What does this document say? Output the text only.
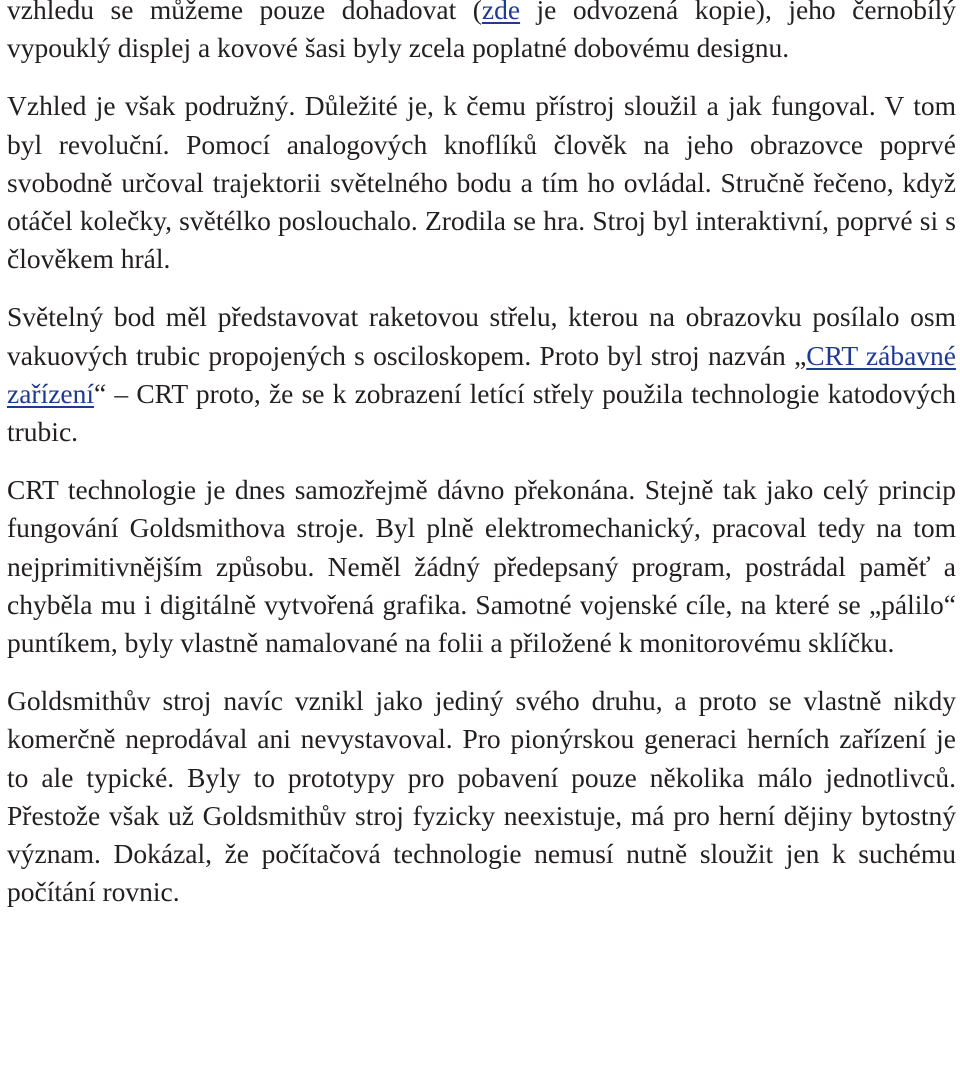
vzhledu se můžeme pouze dohadovat (zde je odvozená kopie), jeho černobílý vypouklý displej a kovové šasi byly zcela poplatné dobovému designu.

Vzhled je však podružný. Důležité je, k čemu přístroj sloužil a jak fungoval. V tom byl revoluční. Pomocí analogových knoflíků člověk na jeho obrazovce poprvé svobodně určoval trajektorii světelného bodu a tím ho ovládal. Stručně řečeno, když otáčel kolečky, světélko poslouchalo. Zrodila se hra. Stroj byl interaktivní, poprvé si s člověkem hrál.

Světelný bod měl představovat raketovou střelu, kterou na obrazovku posílalo osm vakuových trubic propojených s osciloskopem. Proto byl stroj nazván „CRT zábavné zařízení“ – CRT proto, že se k zobrazení letící střely použila technologie katodových trubic.

CRT technologie je dnes samozřejmě dávno překonána. Stejně tak jako celý princip fungování Goldsmithova stroje. Byl plně elektromechanický, pracoval tedy na tom nejprimitivnějším způsobu. Neměl žádný předepsaný program, postrádal paměť a chyběla mu i digitálně vytvořená grafika. Samotné vojenské cíle, na které se „pálilo“ puntíkem, byly vlastně namalované na folii a přiložené k monitorovému sklíčku.

Goldsmithův stroj navíc vznikl jako jediný svého druhu, a proto se vlastně nikdy komerčně neprodával ani nevystavoval. Pro pionýrskou generaci herních zařízení je to ale typické. Byly to prototypy pro pobavení pouze několika málo jednotlivců. Přestože však už Goldsmithův stroj fyzicky neexistuje, má pro herní dějiny bytostný význam. Dokázal, že počítačová technologie nemusí nutně sloužit jen k suchému počítání rovnic.
